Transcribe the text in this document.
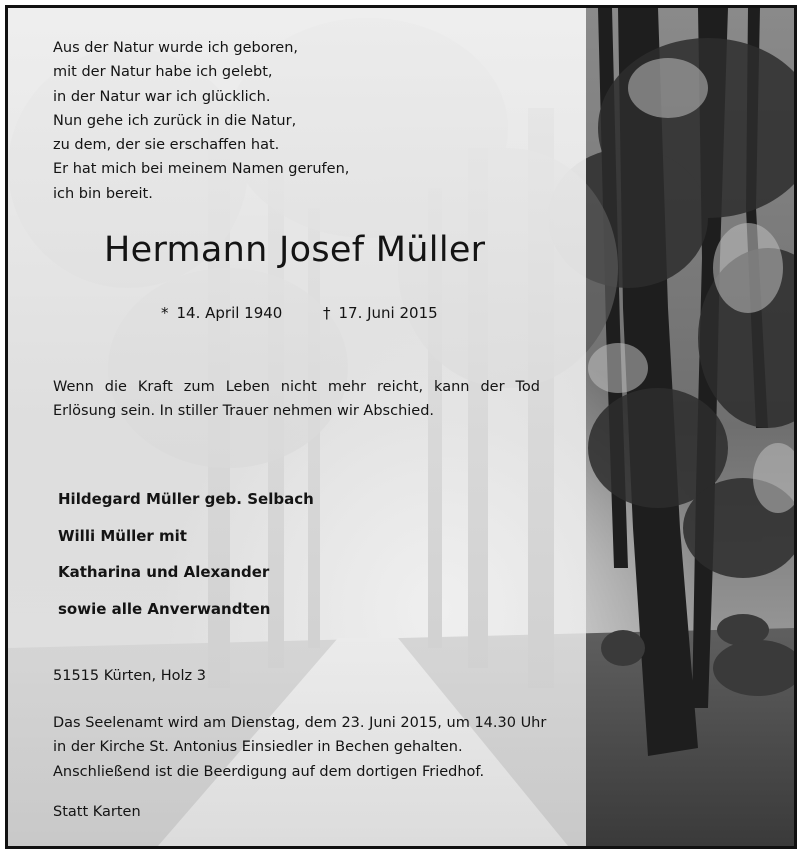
Aus der Natur wurde ich geboren,
mit der Natur habe ich gelebt,
in der Natur war ich glücklich.
Nun gehe ich zurück in die Natur,
zu dem, der sie erschaffen hat.
Er hat mich bei meinem Namen gerufen,
ich bin bereit.
Hermann Josef Müller
* 14. April 1940	† 17. Juni 2015

Wenn die Kraft zum Leben nicht mehr reicht, kann der Tod Erlösung sein. In stiller Trauer nehmen wir Abschied.

Hildegard Müller geb. Selbach
Willi Müller mit
Katharina und Alexander
sowie alle Anverwandten
51515 Kürten, Holz 3
Das Seelenamt wird am Dienstag, dem 23. Juni 2015, um 14.30 Uhr
in der Kirche St. Antonius Einsiedler in Bechen gehalten.
Anschließend ist die Beerdigung auf dem dortigen Friedhof.
Statt Karten
